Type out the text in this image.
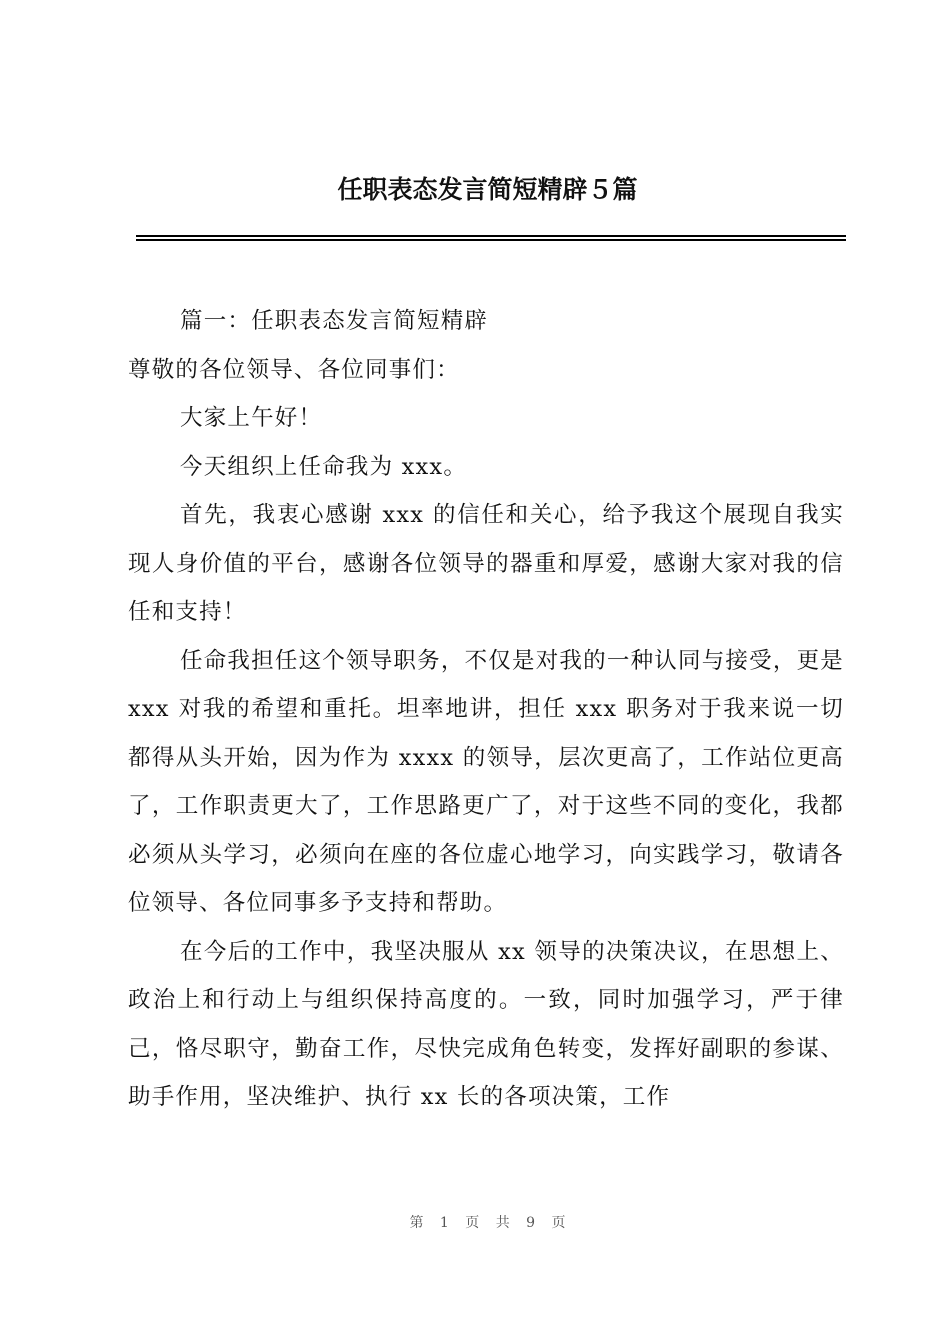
任职表态发言简短精辟５篇

篇一：任职表态发言简短精辟

尊敬的各位领导、各位同事们：

大家上午好！

今天组织上任命我为 xxx。

首先，我衷心感谢 xxx 的信任和关心，给予我这个展现自我实现人身价值的平台，感谢各位领导的器重和厚爱，感谢大家对我的信任和支持！

任命我担任这个领导职务，不仅是对我的一种认同与接受，更是 xxx 对我的希望和重托。坦率地讲，担任 xxx 职务对于我来说一切都得从头开始，因为作为 xxxx 的领导，层次更高了，工作站位更高了，工作职责更大了，工作思路更广了，对于这些不同的变化，我都必须从头学习，必须向在座的各位虚心地学习，向实践学习，敬请各位领导、各位同事多予支持和帮助。

在今后的工作中，我坚决服从 xx 领导的决策决议，在思想上、政治上和行动上与组织保持高度的。一致，同时加强学习，严于律己，恪尽职守，勤奋工作，尽快完成角色转变，发挥好副职的参谋、助手作用，坚决维护、执行 xx 长的各项决策，工作

第 1 页 共 9 页
